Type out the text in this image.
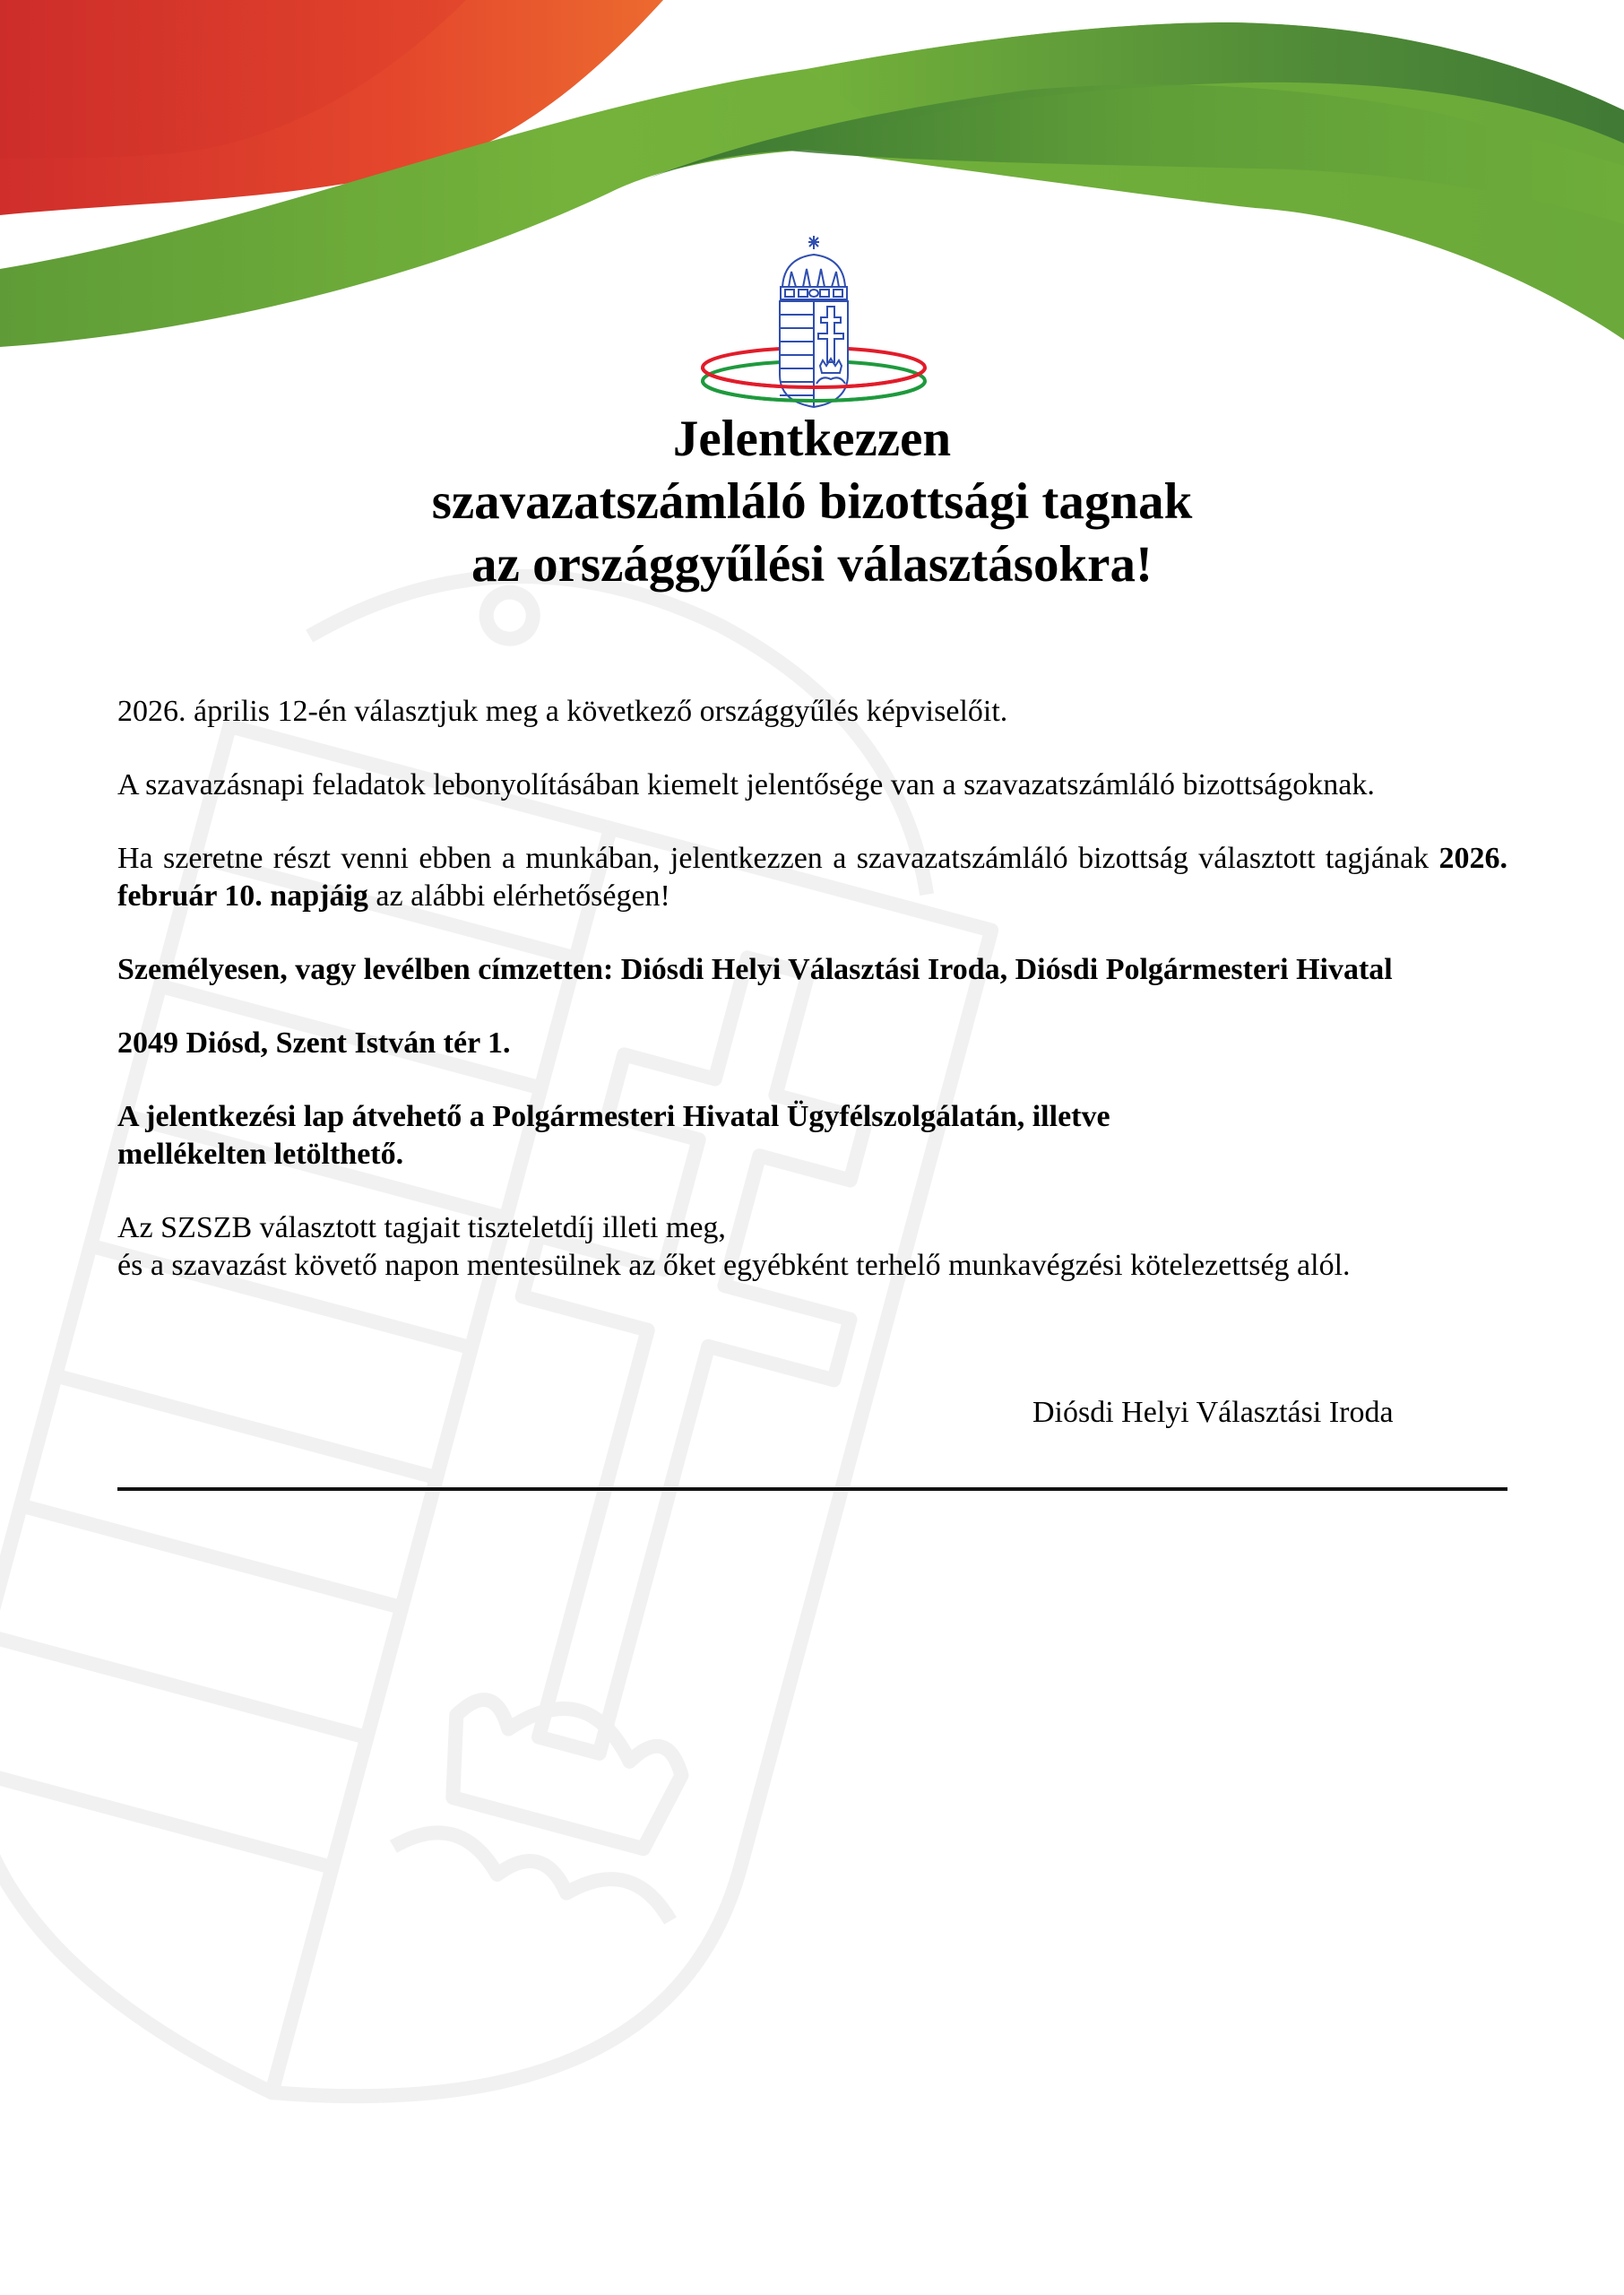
Jelentkezzen
szavazatszámláló bizottsági tagnak
az országgyűlési választásokra!

2026. április 12-én választjuk meg a következő országgyűlés képviselőit.

A szavazásnapi feladatok lebonyolításában kiemelt jelentősége van a szavazatszámláló bizottságoknak.

Ha szeretne részt venni ebben a munkában, jelentkezzen a szavazatszámláló bizottság választott tagjának 2026. február 10. napjáig az alábbi elérhetőségen!

Személyesen, vagy levélben címzetten: Diósdi Helyi Választási Iroda, Diósdi Polgármesteri Hivatal

2049 Diósd, Szent István tér 1.

A jelentkezési lap átvehető a Polgármesteri Hivatal Ügyfélszolgálatán, illetve
mellékelten letölthető.

Az SZSZB választott tagjait tiszteletdíj illeti meg,
és a szavazást követő napon mentesülnek az őket egyébként terhelő munkavégzési kötelezettség alól.

Diósdi Helyi Választási Iroda
